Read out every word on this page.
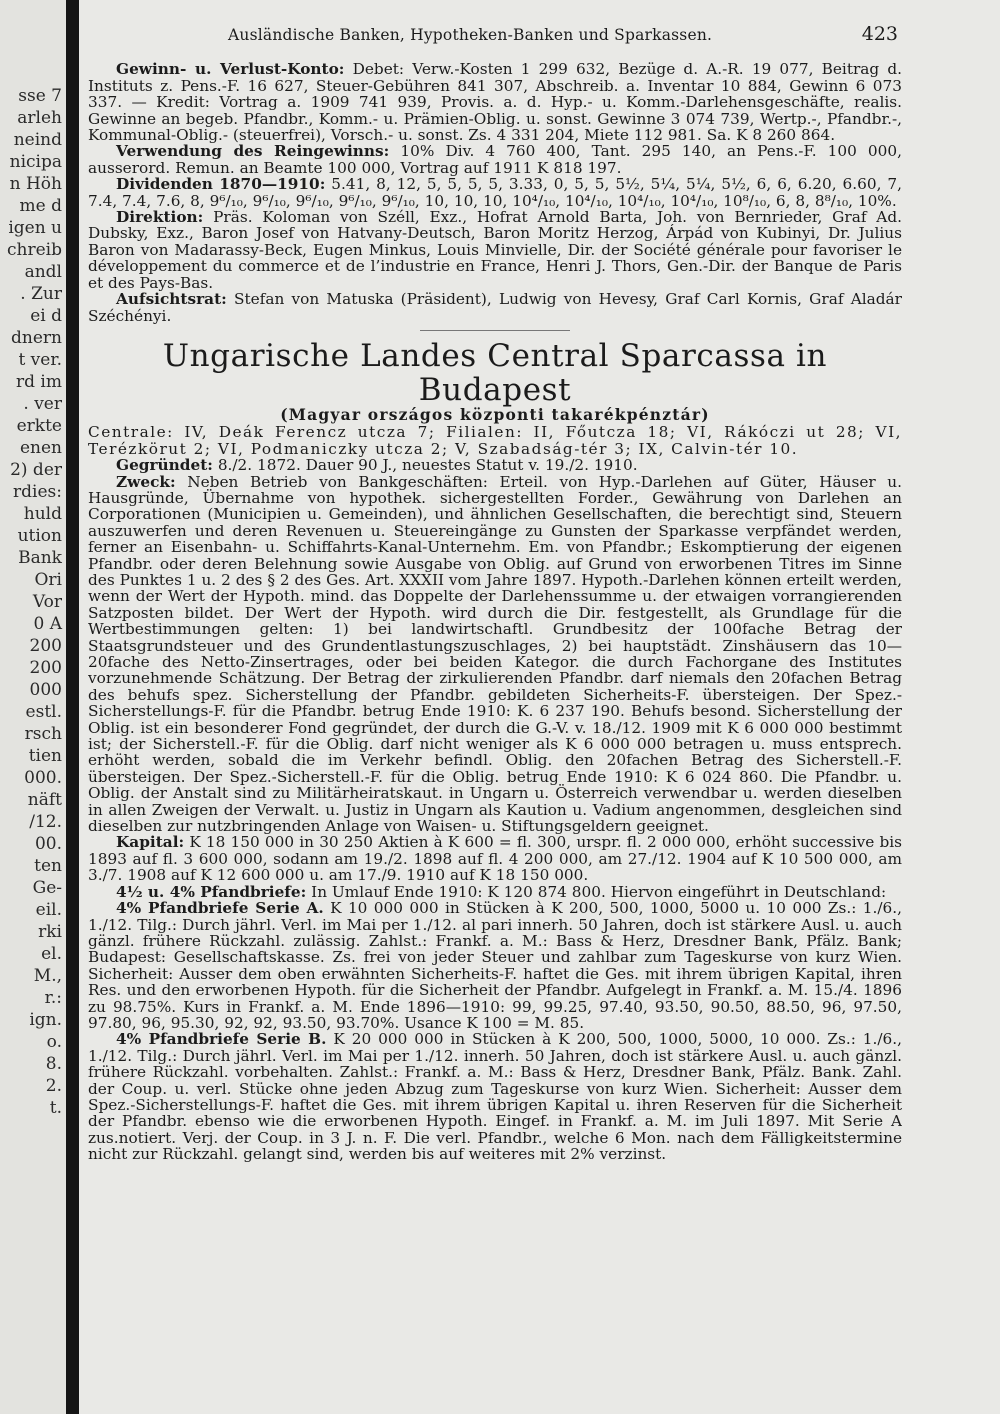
sse 7
arleh
neind
nicipa
n Höh
me d
igen u
chreib
andl
. Zur
ei d
dnern
t ver.
rd im
. ver
erkte
enen
2) der
rdies:
huld
ution
Bank
Ori
Vor
0 A
200
200
000
estl.
rsch
tien
000.
näft
/12.
00.
ten
Ge-
eil.
rki
el.
M.,
r.:
ign.
o.
8.
2.
t.
Ausländische Banken, Hypotheken-Banken und Sparkassen.	423

Gewinn- u. Verlust-Konto: Debet: Verw.-Kosten 1 299 632, Bezüge d. A.-R. 19 077, Beitrag d. Instituts z. Pens.-F. 16 627, Steuer-Gebühren 841 307, Abschreib. a. Inventar 10 884, Gewinn 6 073 337. — Kredit: Vortrag a. 1909 741 939, Provis. a. d. Hyp.- u. Komm.-Darlehensgeschäfte, realis. Gewinne an begeb. Pfandbr., Komm.- u. Prämien-Oblig. u. sonst. Gewinne 3 074 739, Wertp.-, Pfandbr.-, Kommunal-Oblig.- (steuerfrei), Vorsch.- u. sonst. Zs. 4 331 204, Miete 112 981. Sa. K 8 260 864.

Verwendung des Reingewinns: 10% Div. 4 760 400, Tant. 295 140, an Pens.-F. 100 000, ausserord. Remun. an Beamte 100 000, Vortrag auf 1911 K 818 197.

Dividenden 1870—1910: 5.41, 8, 12, 5, 5, 5, 5, 3.33, 0, 5, 5, 5½, 5¼, 5¼, 5½, 6, 6, 6.20, 6.60, 7, 7.4, 7.4, 7.6, 8, 9⁶/₁₀, 9⁶/₁₀, 9⁶/₁₀, 9⁶/₁₀, 9⁶/₁₀, 10, 10, 10, 10⁴/₁₀, 10⁴/₁₀, 10⁴/₁₀, 10⁴/₁₀, 10⁸/₁₀, 6, 8, 8⁸/₁₀, 10%.

Direktion: Präs. Koloman von Széll, Exz., Hofrat Arnold Barta, Joh. von Bernrieder, Graf Ad. Dubsky, Exz., Baron Josef von Hatvany-Deutsch, Baron Moritz Herzog, Árpád von Kubinyi, Dr. Julius Baron von Madarassy-Beck, Eugen Minkus, Louis Minvielle, Dir. der Société générale pour favoriser le développement du commerce et de l’industrie en France, Henri J. Thors, Gen.-Dir. der Banque de Paris et des Pays-Bas.

Aufsichtsrat: Stefan von Matuska (Präsident), Ludwig von Hevesy, Graf Carl Kornis, Graf Aladár Széchényi.

Ungarische Landes Central Sparcassa in Budapest
(Magyar országos központi takarékpénztár)

Centrale: IV, Deák Ferencz utcza 7; Filialen: II, Főutcza 18; VI, Rákóczi ut 28; VI, Terézkörut 2; VI, Podmaniczky utcza 2; V, Szabadság-tér 3; IX, Calvin-tér 10.

Gegründet: 8./2. 1872. Dauer 90 J., neuestes Statut v. 19./2. 1910.

Zweck: Neben Betrieb von Bankgeschäften: Erteil. von Hyp.-Darlehen auf Güter, Häuser u. Hausgründe, Übernahme von hypothek. sichergestellten Forder., Gewährung von Darlehen an Corporationen (Municipien u. Gemeinden), und ähnlichen Gesellschaften, die berechtigt sind, Steuern auszuwerfen und deren Revenuen u. Steuereingänge zu Gunsten der Sparkasse verpfändet werden, ferner an Eisenbahn- u. Schiffahrts-Kanal-Unternehm. Em. von Pfandbr.; Eskomptierung der eigenen Pfandbr. oder deren Belehnung sowie Ausgabe von Oblig. auf Grund von erworbenen Titres im Sinne des Punktes 1 u. 2 des § 2 des Ges. Art. XXXII vom Jahre 1897. Hypoth.-Darlehen können erteilt werden, wenn der Wert der Hypoth. mind. das Doppelte der Darlehenssumme u. der etwaigen vorrangierenden Satzposten bildet. Der Wert der Hypoth. wird durch die Dir. festgestellt, als Grundlage für die Wertbestimmungen gelten: 1) bei landwirtschaftl. Grundbesitz der 100fache Betrag der Staatsgrundsteuer und des Grundentlastungszuschlages, 2) bei hauptstädt. Zinshäusern das 10—20fache des Netto-Zinsertrages, oder bei beiden Kategor. die durch Fachorgane des Institutes vorzunehmende Schätzung. Der Betrag der zirkulierenden Pfandbr. darf niemals den 20fachen Betrag des behufs spez. Sicherstellung der Pfandbr. gebildeten Sicherheits-F. übersteigen. Der Spez.-Sicherstellungs-F. für die Pfandbr. betrug Ende 1910: K. 6 237 190. Behufs besond. Sicherstellung der Oblig. ist ein besonderer Fond gegründet, der durch die G.-V. v. 18./12. 1909 mit K 6 000 000 bestimmt ist; der Sicherstell.-F. für die Oblig. darf nicht weniger als K 6 000 000 betragen u. muss entsprech. erhöht werden, sobald die im Verkehr befindl. Oblig. den 20fachen Betrag des Sicherstell.-F. übersteigen. Der Spez.-Sicherstell.-F. für die Oblig. betrug Ende 1910: K 6 024 860. Die Pfandbr. u. Oblig. der Anstalt sind zu Militärheiratskaut. in Ungarn u. Österreich verwendbar u. werden dieselben in allen Zweigen der Verwalt. u. Justiz in Ungarn als Kaution u. Vadium angenommen, desgleichen sind dieselben zur nutzbringenden Anlage von Waisen- u. Stiftungsgeldern geeignet.

Kapital: K 18 150 000 in 30 250 Aktien à K 600 = fl. 300, urspr. fl. 2 000 000, erhöht successive bis 1893 auf fl. 3 600 000, sodann am 19./2. 1898 auf fl. 4 200 000, am 27./12. 1904 auf K 10 500 000, am 3./7. 1908 auf K 12 600 000 u. am 17./9. 1910 auf K 18 150 000.

4½ u. 4% Pfandbriefe: In Umlauf Ende 1910: K 120 874 800. Hiervon eingeführt in Deutschland:

4% Pfandbriefe Serie A. K 10 000 000 in Stücken à K 200, 500, 1000, 5000 u. 10 000 Zs.: 1./6., 1./12. Tilg.: Durch jährl. Verl. im Mai per 1./12. al pari innerh. 50 Jahren, doch ist stärkere Ausl. u. auch gänzl. frühere Rückzahl. zulässig. Zahlst.: Frankf. a. M.: Bass & Herz, Dresdner Bank, Pfälz. Bank; Budapest: Gesellschaftskasse. Zs. frei von jeder Steuer und zahlbar zum Tageskurse von kurz Wien. Sicherheit: Ausser dem oben erwähnten Sicherheits-F. haftet die Ges. mit ihrem übrigen Kapital, ihren Res. und den erworbenen Hypoth. für die Sicherheit der Pfandbr. Aufgelegt in Frankf. a. M. 15./4. 1896 zu 98.75%. Kurs in Frankf. a. M. Ende 1896—1910: 99, 99.25, 97.40, 93.50, 90.50, 88.50, 96, 97.50, 97.80, 96, 95.30, 92, 92, 93.50, 93.70%. Usance K 100 = M. 85.

4% Pfandbriefe Serie B. K 20 000 000 in Stücken à K 200, 500, 1000, 5000, 10 000. Zs.: 1./6., 1./12. Tilg.: Durch jährl. Verl. im Mai per 1./12. innerh. 50 Jahren, doch ist stärkere Ausl. u. auch gänzl. frühere Rückzahl. vorbehalten. Zahlst.: Frankf. a. M.: Bass & Herz, Dresdner Bank, Pfälz. Bank. Zahl. der Coup. u. verl. Stücke ohne jeden Abzug zum Tageskurse von kurz Wien. Sicherheit: Ausser dem Spez.-Sicherstellungs-F. haftet die Ges. mit ihrem übrigen Kapital u. ihren Reserven für die Sicherheit der Pfandbr. ebenso wie die erworbenen Hypoth. Eingef. in Frankf. a. M. im Juli 1897. Mit Serie A zus.notiert. Verj. der Coup. in 3 J. n. F. Die verl. Pfandbr., welche 6 Mon. nach dem Fälligkeitstermine nicht zur Rückzahl. gelangt sind, werden bis auf weiteres mit 2% verzinst.
